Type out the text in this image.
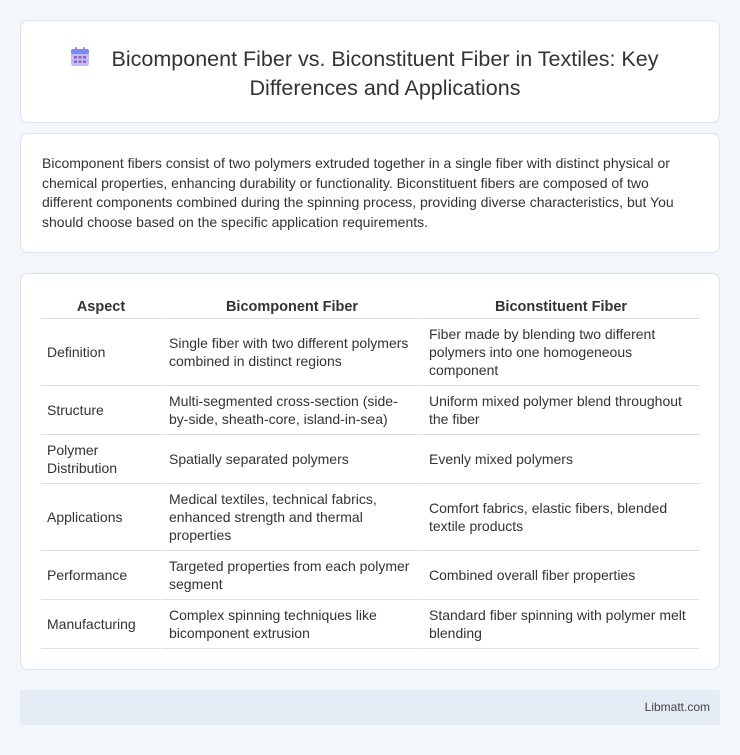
Bicomponent Fiber vs. Biconstituent Fiber in Textiles: Key Differences and Applications

Bicomponent fibers consist of two polymers extruded together in a single fiber with distinct physical or chemical properties, enhancing durability or functionality. Biconstituent fibers are composed of two different components combined during the spinning process, providing diverse characteristics, but You should choose based on the specific application requirements.

Aspect	Bicomponent Fiber	Biconstituent Fiber
Definition	Single fiber with two different polymers combined in distinct regions	Fiber made by blending two different polymers into one homogeneous component
Structure	Multi-segmented cross-section (side-by-side, sheath-core, island-in-sea)	Uniform mixed polymer blend throughout the fiber
Polymer Distribution	Spatially separated polymers	Evenly mixed polymers
Applications	Medical textiles, technical fabrics, enhanced strength and thermal properties	Comfort fabrics, elastic fibers, blended textile products
Performance	Targeted properties from each polymer segment	Combined overall fiber properties
Manufacturing	Complex spinning techniques like bicomponent extrusion	Standard fiber spinning with polymer melt blending
Libmatt.com
